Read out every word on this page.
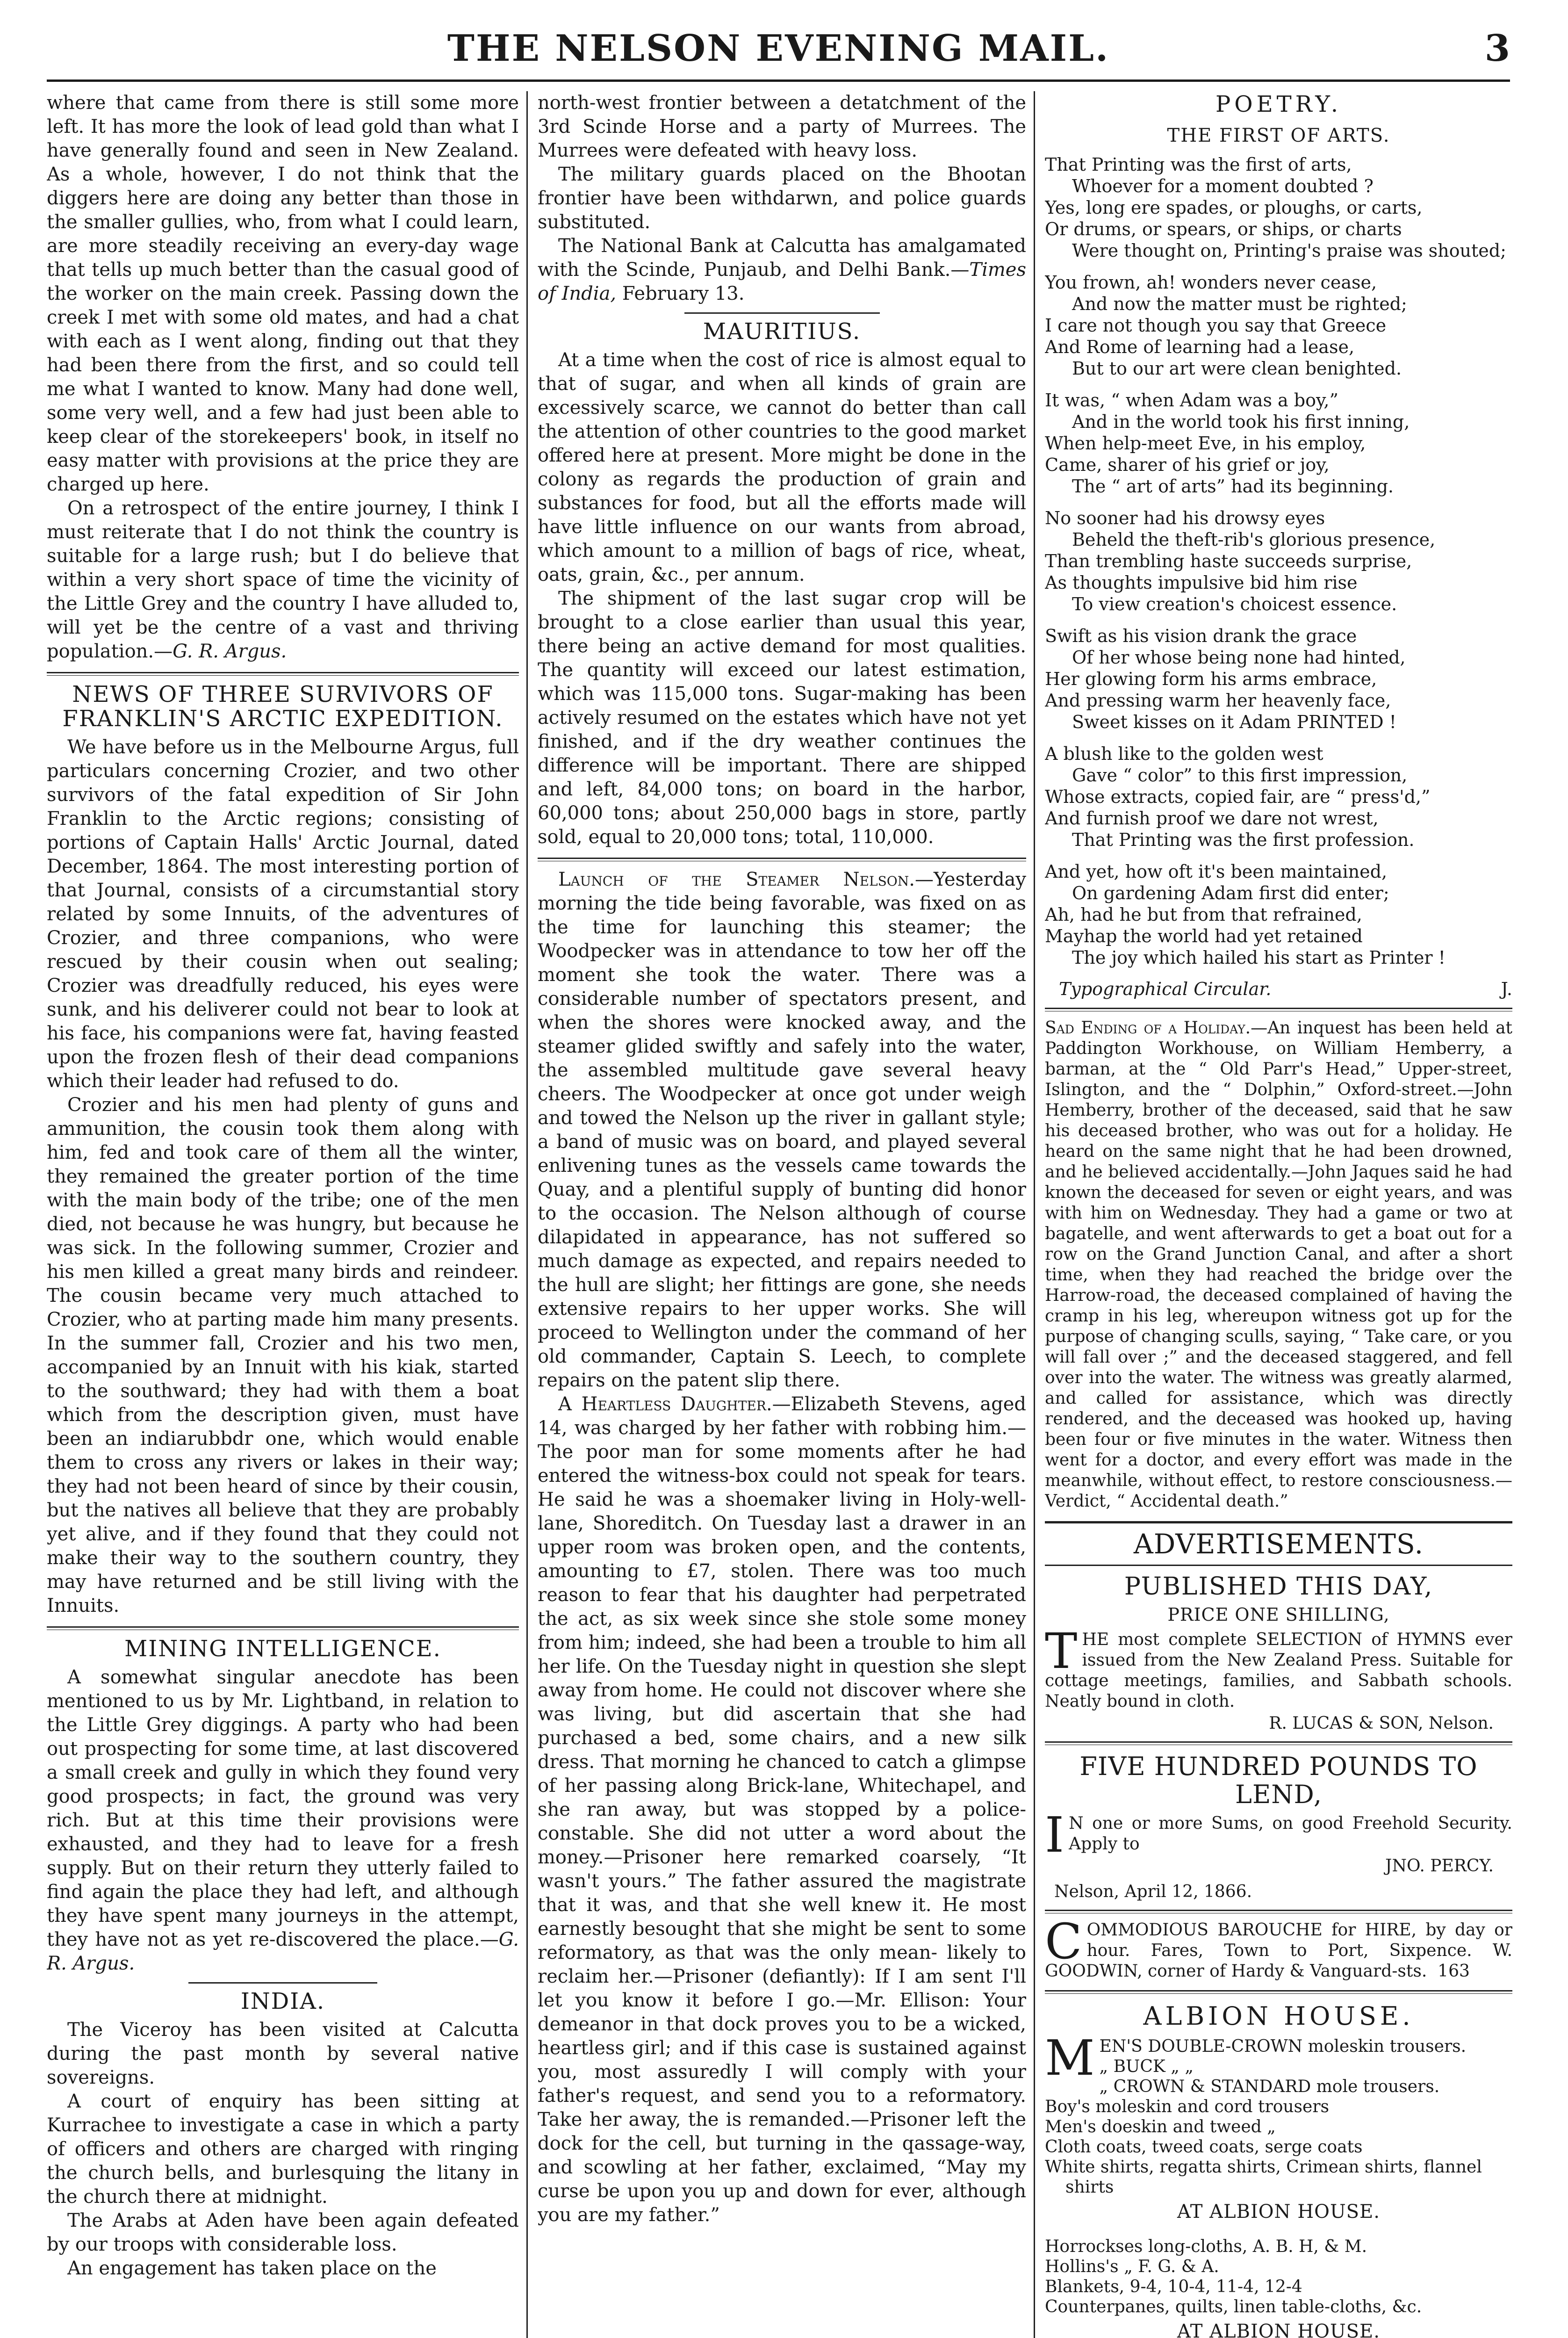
THE NELSON EVENING MAIL.	3

where that came from there is still some more left. It has more the look of lead gold than what I have generally found and seen in New Zealand. As a whole, however, I do not think that the diggers here are doing any better than those in the smaller gullies, who, from what I could learn, are more steadily receiving an every-day wage that tells up much better than the casual good of the worker on the main creek. Passing down the creek I met with some old mates, and had a chat with each as I went along, finding out that they had been there from the first, and so could tell me what I wanted to know. Many had done well, some very well, and a few had just been able to keep clear of the storekeepers' book, in itself no easy matter with provisions at the price they are charged up here.

On a retrospect of the entire journey, I think I must reiterate that I do not think the country is suitable for a large rush; but I do believe that within a very short space of time the vicinity of the Little Grey and the country I have alluded to, will yet be the centre of a vast and thriving population.—G. R. Argus.

NEWS OF THREE SURVIVORS OF FRANKLIN'S ARCTIC EXPEDITION.

We have before us in the Melbourne Argus, full particulars concerning Crozier, and two other survivors of the fatal expedition of Sir John Franklin to the Arctic regions; consisting of portions of Captain Halls' Arctic Journal, dated December, 1864. The most interesting portion of that Journal, consists of a circumstantial story related by some Innuits, of the adventures of Crozier, and three companions, who were rescued by their cousin when out sealing; Crozier was dreadfully reduced, his eyes were sunk, and his deliverer could not bear to look at his face, his companions were fat, having feasted upon the frozen flesh of their dead companions which their leader had refused to do.

Crozier and his men had plenty of guns and ammunition, the cousin took them along with him, fed and took care of them all the winter, they remained the greater portion of the time with the main body of the tribe; one of the men died, not because he was hungry, but because he was sick. In the following summer, Crozier and his men killed a great many birds and reindeer. The cousin became very much attached to Crozier, who at parting made him many presents. In the summer fall, Crozier and his two men, accompanied by an Innuit with his kiak, started to the southward; they had with them a boat which from the description given, must have been an indiarubbdr one, which would enable them to cross any rivers or lakes in their way; they had not been heard of since by their cousin, but the natives all believe that they are probably yet alive, and if they found that they could not make their way to the southern country, they may have returned and be still living with the Innuits.

MINING INTELLIGENCE.

A somewhat singular anecdote has been mentioned to us by Mr. Lightband, in relation to the Little Grey diggings. A party who had been out prospecting for some time, at last discovered a small creek and gully in which they found very good prospects; in fact, the ground was very rich. But at this time their provisions were exhausted, and they had to leave for a fresh supply. But on their return they utterly failed to find again the place they had left, and although they have spent many journeys in the attempt, they have not as yet re-discovered the place.—G. R. Argus.

INDIA.

The Viceroy has been visited at Calcutta during the past month by several native sovereigns.

A court of enquiry has been sitting at Kurrachee to investigate a case in which a party of officers and others are charged with ringing the church bells, and burlesquing the litany in the church there at midnight.

The Arabs at Aden have been again defeated by our troops with considerable loss.

An engagement has taken place on the

north-west frontier between a detatchment of the 3rd Scinde Horse and a party of Murrees. The Murrees were defeated with heavy loss.

The military guards placed on the Bhootan frontier have been withdarwn, and police guards substituted.

The National Bank at Calcutta has amalgamated with the Scinde, Punjaub, and Delhi Bank.—Times of India, February 13.

MAURITIUS.

At a time when the cost of rice is almost equal to that of sugar, and when all kinds of grain are excessively scarce, we cannot do better than call the attention of other countries to the good market offered here at present. More might be done in the colony as regards the production of grain and substances for food, but all the efforts made will have little influence on our wants from abroad, which amount to a million of bags of rice, wheat, oats, grain, &c., per annum.

The shipment of the last sugar crop will be brought to a close earlier than usual this year, there being an active demand for most qualities. The quantity will exceed our latest estimation, which was 115,000 tons. Sugar-making has been actively resumed on the estates which have not yet finished, and if the dry weather continues the difference will be important. There are shipped and left, 84,000 tons; on board in the harbor, 60,000 tons; about 250,000 bags in store, partly sold, equal to 20,000 tons; total, 110,000.

Launch of the Steamer Nelson.—Yesterday morning the tide being favorable, was fixed on as the time for launching this steamer; the Woodpecker was in attendance to tow her off the moment she took the water. There was a considerable number of spectators present, and when the shores were knocked away, and the steamer glided swiftly and safely into the water, the assembled multitude gave several heavy cheers. The Woodpecker at once got under weigh and towed the Nelson up the river in gallant style; a band of music was on board, and played several enlivening tunes as the vessels came towards the Quay, and a plentiful supply of bunting did honor to the occasion. The Nelson although of course dilapidated in appearance, has not suffered so much damage as expected, and repairs needed to the hull are slight; her fittings are gone, she needs extensive repairs to her upper works. She will proceed to Wellington under the command of her old commander, Captain S. Leech, to complete repairs on the patent slip there.

A Heartless Daughter.—Elizabeth Stevens, aged 14, was charged by her father with robbing him.—The poor man for some moments after he had entered the witness-box could not speak for tears. He said he was a shoemaker living in Holy-well-lane, Shoreditch. On Tuesday last a drawer in an upper room was broken open, and the contents, amounting to £7, stolen. There was too much reason to fear that his daughter had perpetrated the act, as six week since she stole some money from him; indeed, she had been a trouble to him all her life. On the Tuesday night in question she slept away from home. He could not discover where she was living, but did ascertain that she had purchased a bed, some chairs, and a new silk dress. That morning he chanced to catch a glimpse of her passing along Brick-lane, Whitechapel, and she ran away, but was stopped by a police-constable. She did not utter a word about the money.—Prisoner here remarked coarsely, “It wasn't yours.” The father assured the magistrate that it was, and that she well knew it. He most earnestly besought that she might be sent to some reformatory, as that was the only mean- likely to reclaim her.—Prisoner (defiantly): If I am sent I'll let you know it before I go.—Mr. Ellison: Your demeanor in that dock proves you to be a wicked, heartless girl; and if this case is sustained against you, most assuredly I will comply with your father's request, and send you to a reformatory. Take her away, the is remanded.—Prisoner left the dock for the cell, but turning in the qassage-way, and scowling at her father, exclaimed, “May my curse be upon you up and down for ever, although you are my father.”

POETRY.
THE FIRST OF ARTS.
That Printing was the first of arts,
Whoever for a moment doubted ?
Yes, long ere spades, or ploughs, or carts,
Or drums, or spears, or ships, or charts
Were thought on, Printing's praise was shouted;
You frown, ah! wonders never cease,
And now the matter must be righted;
I care not though you say that Greece
And Rome of learning had a lease,
But to our art were clean benighted.
It was, “ when Adam was a boy,”
And in the world took his first inning,
When help-meet Eve, in his employ,
Came, sharer of his grief or joy,
The “ art of arts” had its beginning.
No sooner had his drowsy eyes
Beheld the theft-rib's glorious presence,
Than trembling haste succeeds surprise,
As thoughts impulsive bid him rise
To view creation's choicest essence.
Swift as his vision drank the grace
Of her whose being none had hinted,
Her glowing form his arms embrace,
And pressing warm her heavenly face,
Sweet kisses on it Adam PRINTED !
A blush like to the golden west
Gave “ color” to this first impression,
Whose extracts, copied fair, are “ press'd,”
And furnish proof we dare not wrest,
That Printing was the first profession.
And yet, how oft it's been maintained,
On gardening Adam first did enter;
Ah, had he but from that refrained,
Mayhap the world had yet retained
The joy which hailed his start as Printer !
Typographical Circular.	J.

Sad Ending of a Holiday.—An inquest has been held at Paddington Workhouse, on William Hemberry, a barman, at the “ Old Parr's Head,” Upper-street, Islington, and the “ Dolphin,” Oxford-street.—John Hemberry, brother of the deceased, said that he saw his deceased brother, who was out for a holiday. He heard on the same night that he had been drowned, and he believed accidentally.—John Jaques said he had known the deceased for seven or eight years, and was with him on Wednesday. They had a game or two at bagatelle, and went afterwards to get a boat out for a row on the Grand Junction Canal, and after a short time, when they had reached the bridge over the Harrow-road, the deceased complained of having the cramp in his leg, whereupon witness got up for the purpose of changing sculls, saying, “ Take care, or you will fall over ;” and the deceased staggered, and fell over into the water. The witness was greatly alarmed, and called for assistance, which was directly rendered, and the deceased was hooked up, having been four or five minutes in the water. Witness then went for a doctor, and every effort was made in the meanwhile, without effect, to restore consciousness.—Verdict, “ Accidental death.”

ADVERTISEMENTS.
PUBLISHED THIS DAY,
PRICE ONE SHILLING,

THE most complete SELECTION of HYMNS ever issued from the New Zealand Press. Suitable for cottage meetings, families, and Sabbath schools. Neatly bound in cloth.

R. LUCAS & SON, Nelson.
FIVE HUNDRED POUNDS TO LEND,

I N one or more Sums, on good Freehold Security. Apply to

JNO. PERCY.
Nelson, April 12, 1866.

COMMODIOUS BAROUCHE for HIRE, by day or hour. Fares, Town to Port, Sixpence. W. GOODWIN, corner of Hardy & Vanguard-sts. 163

ALBION HOUSE.
M EN'S DOUBLE-CROWN moleskin trousers.

„ BUCK „ „

„ CROWN & STANDARD mole trousers.

Boy's moleskin and cord trousers

Men's doeskin and tweed „

Cloth coats, tweed coats, serge coats

White shirts, regatta shirts, Crimean shirts, flannel

shirts

AT ALBION HOUSE.

Horrockses long-cloths, A. B. H, & M.

Hollins's „ F. G. & A.

Blankets, 9-4, 10-4, 11-4, 12-4

Counterpanes, quilts, linen table-cloths, &c.

AT ALBION HOUSE.
